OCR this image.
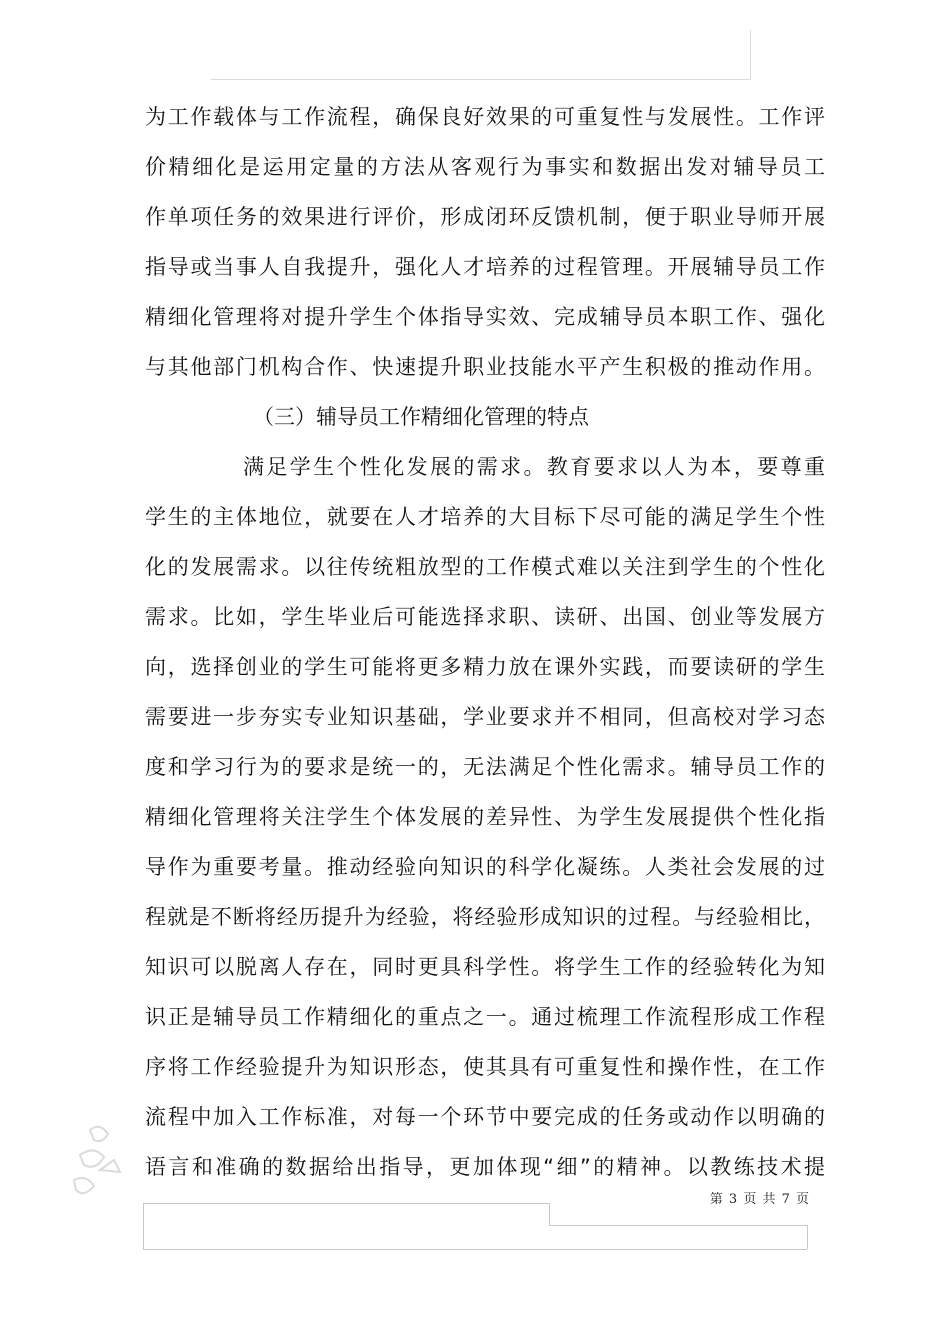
为工作载体与工作流程，确保良好效果的可重复性与发展性。工作评
价精细化是运用定量的方法从客观行为事实和数据出发对辅导员工
作单项任务的效果进行评价，形成闭环反馈机制，便于职业导师开展
指导或当事人自我提升，强化人才培养的过程管理。开展辅导员工作
精细化管理将对提升学生个体指导实效、完成辅导员本职工作、强化
与其他部门机构合作、快速提升职业技能水平产生积极的推动作用。
（三）辅导员工作精细化管理的特点
满足学生个性化发展的需求。教育要求以人为本，要尊重
学生的主体地位，就要在人才培养的大目标下尽可能的满足学生个性
化的发展需求。以往传统粗放型的工作模式难以关注到学生的个性化
需求。比如，学生毕业后可能选择求职、读研、出国、创业等发展方
向，选择创业的学生可能将更多精力放在课外实践，而要读研的学生
需要进一步夯实专业知识基础，学业要求并不相同，但高校对学习态
度和学习行为的要求是统一的，无法满足个性化需求。辅导员工作的
精细化管理将关注学生个体发展的差异性、为学生发展提供个性化指
导作为重要考量。推动经验向知识的科学化凝练。人类社会发展的过
程就是不断将经历提升为经验，将经验形成知识的过程。与经验相比，
知识可以脱离人存在，同时更具科学性。将学生工作的经验转化为知
识正是辅导员工作精细化的重点之一。通过梳理工作流程形成工作程
序将工作经验提升为知识形态，使其具有可重复性和操作性，在工作
流程中加入工作标准，对每一个环节中要完成的任务或动作以明确的
语言和准确的数据给出指导，更加体现“细”的精神。以教练技术提
第 3 页 共 7 页
